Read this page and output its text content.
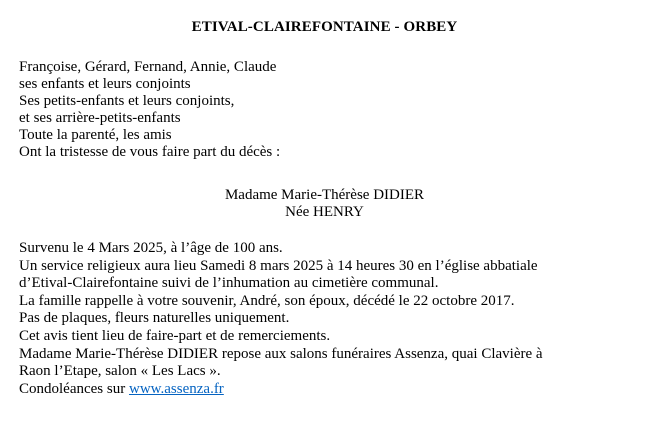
ETIVAL-CLAIREFONTAINE - ORBEY
Françoise, Gérard, Fernand, Annie, Claude
ses enfants et leurs conjoints
Ses petits-enfants et leurs conjoints,
et ses arrière-petits-enfants
Toute la parenté, les amis
Ont la tristesse de vous faire part du décès :
Madame Marie-Thérèse DIDIER
Née HENRY
Survenu le 4 Mars 2025, à l’âge de 100 ans.
Un service religieux aura lieu Samedi 8 mars 2025 à 14 heures 30 en l’église abbatiale
d’Etival-Clairefontaine suivi de l’inhumation au cimetière communal.
La famille rappelle à votre souvenir, André, son époux, décédé le 22 octobre 2017.
Pas de plaques, fleurs naturelles uniquement.
Cet avis tient lieu de faire-part et de remerciements.
Madame Marie-Thérèse DIDIER repose aux salons funéraires Assenza, quai Clavière à
Raon l’Etape, salon « Les Lacs ».
Condoléances sur www.assenza.fr
